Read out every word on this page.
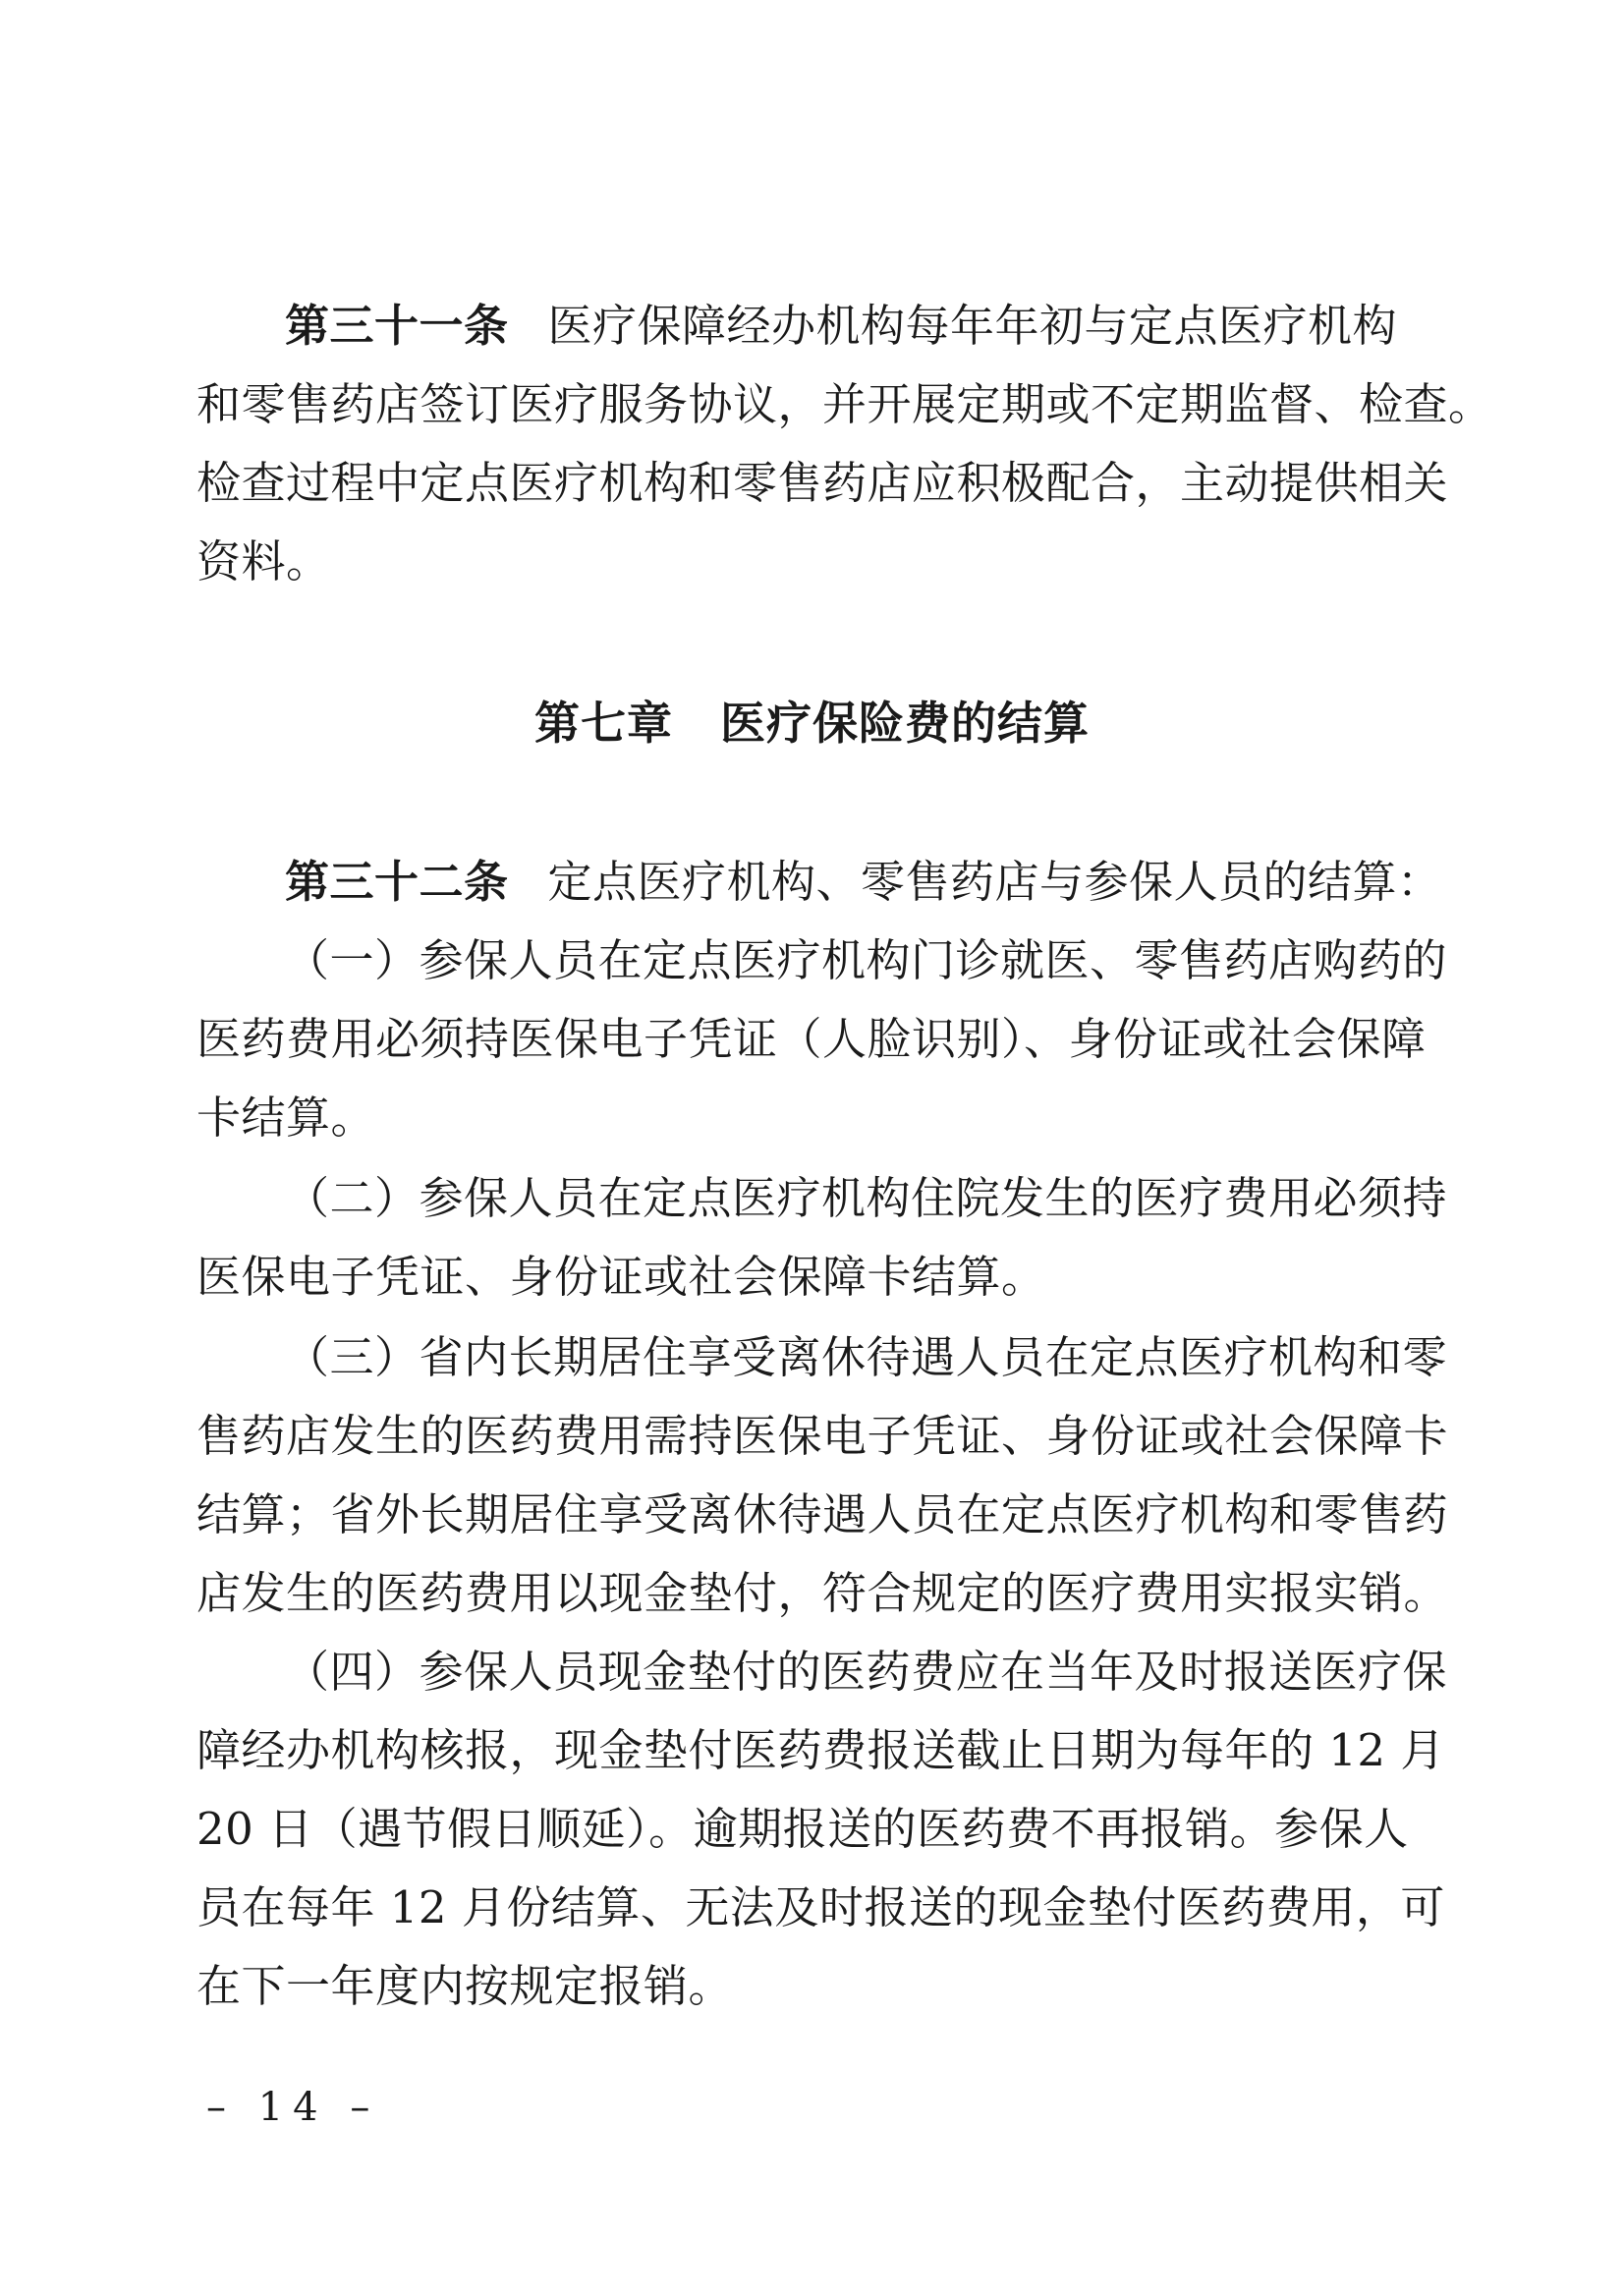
第三十一条 医疗保障经办机构每年年初与定点医疗机构
和零售药店签订医疗服务协议，并开展定期或不定期监督、检查。
检查过程中定点医疗机构和零售药店应积极配合，主动提供相关
资料。
第七章 医疗保险费的结算
第三十二条 定点医疗机构、零售药店与参保人员的结算：
（一）参保人员在定点医疗机构门诊就医、零售药店购药的
医药费用必须持医保电子凭证（人脸识别）、身份证或社会保障
卡结算。
（二）参保人员在定点医疗机构住院发生的医疗费用必须持
医保电子凭证、身份证或社会保障卡结算。
（三）省内长期居住享受离休待遇人员在定点医疗机构和零
售药店发生的医药费用需持医保电子凭证、身份证或社会保障卡
结算；省外长期居住享受离休待遇人员在定点医疗机构和零售药
店发生的医药费用以现金垫付，符合规定的医疗费用实报实销。
（四）参保人员现金垫付的医药费应在当年及时报送医疗保
障经办机构核报，现金垫付医药费报送截止日期为每年的 12 月
20 日（遇节假日顺延）。逾期报送的医药费不再报销。参保人
员在每年 12 月份结算、无法及时报送的现金垫付医药费用，可
在下一年度内按规定报销。
– 14 –
